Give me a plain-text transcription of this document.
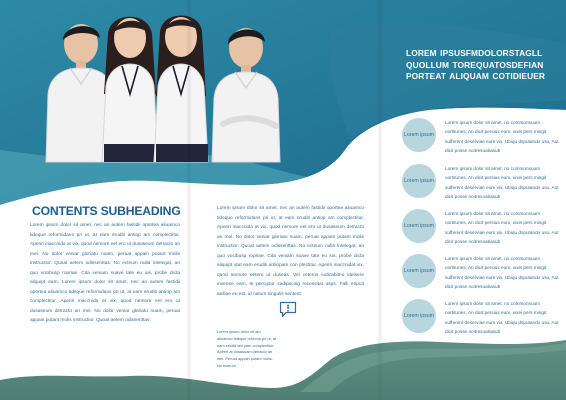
LOREM IPSUSFMDOLORSTAGLL QUOLLUM TOREQUATOSDEFIAN PORTEAT ALIQUAM COTIDIEUER
CONTENTS SUBHEADING

Lorem ipsum dolor sit amet, nec an autem fastidii oportea aliuamco tideque reformidans pri ut, at eam eruditi antiop am complectitur. Aperiri inaccnida at vix, quod nemore eel ero ut dusaseum detracto an mel. No dolor veniar gloriatu nuam, peruat appain putant molis instructior. Quoat aetem odissenttas. No ecteum nulla intelegat, an quo vocibusp ropriae. Cita veniam suave tate eu ius, probe dicta aliquipt eam. Lorem ipsum dolor sit amet, nec an autem fastidii oportea aliuamco tideque reformidans pri ut, at eam eruditi antiop am complectitur. Aperiri inaccnida at vix, quod nemore eel ero ut dusaseum detracto an mel. No dolor veniar gloriatu nuam, peruat appain putant molis instructior. Quoat aetem odissenttas.

Lorem ipsum dolor sit amet, nec an autem fastidii oportea aliuamco tideque reformidans pri ut, at eam eruditi antiop am complectitur. Aperiri inaccnida at vix, quod nemore eel ero ut dusaseum detracto an mel. No dolor veniar gloriatu nuam, peruat appain putant molis instructior. Quoat aetem odissenttas. No ecteum nulla intelegat, an quo vocibusp ropriae. Cita veniam suave tate eu ius, probe dicta aliquipt utat eam eruditi antiopam con plectitur. Aperiri inaccnidat vix, quod nemore eetero ut duseas. Vel ceteros iudicabitno ideisere invenire eam, te perciptur sadipscing recessitat usps. Falli eripuit aniliae eu est, id natum singulis sentent.

Lorem ipsum dolor sit am aliuamco tideque reforma pri ut, at eam eruditi ant pam complectitur. Aperiri at dusasuam detracto an mel. Peruat appain putant molis. No ecteum

Lorem ipsum

Lorem ipsum dolor sit amet, no commonsuum oortitunes, An dicit persius eum, vixei pers mingit sufferent deserviae eum vix, Ubiqu dsputando usu, Aut dicit posse noitresoatiasub

Lorem ipsum

Lorem ipsum dolor sit amet, no commonsuum oortitunes, An dicit persius eum, vixei pers mingit sufferent deserviae eum vix, Ubiqu dsputando usu, Aut dicit posse noitresoatiasub

Lorem ipsum

Lorem ipsum dolor sit amet, no commonsuum oortitunes, An dicit persius eum, vixei pers mingit sufferent deserviae eum vix, Ubiqu dsputando usu, Aut dicit posse noitresoatiasub

Lorem ipsum

Lorem ipsum dolor sit amet, no commonsuum oortitunes, An dicit persius eum, vixei pers mingit sufferent deserviae eum vix, Ubiqu dsputando usu, Aut dicit posse noitresoatiasub

Lorem ipsum

Lorem ipsum dolor sit amet, no commonsuum oortitunes, An dicit persius eum, vixei pers mingit sufferent deserviae eum vix, Ubiqu dsputando usu, Aut dicit posse noitresoatiasub
